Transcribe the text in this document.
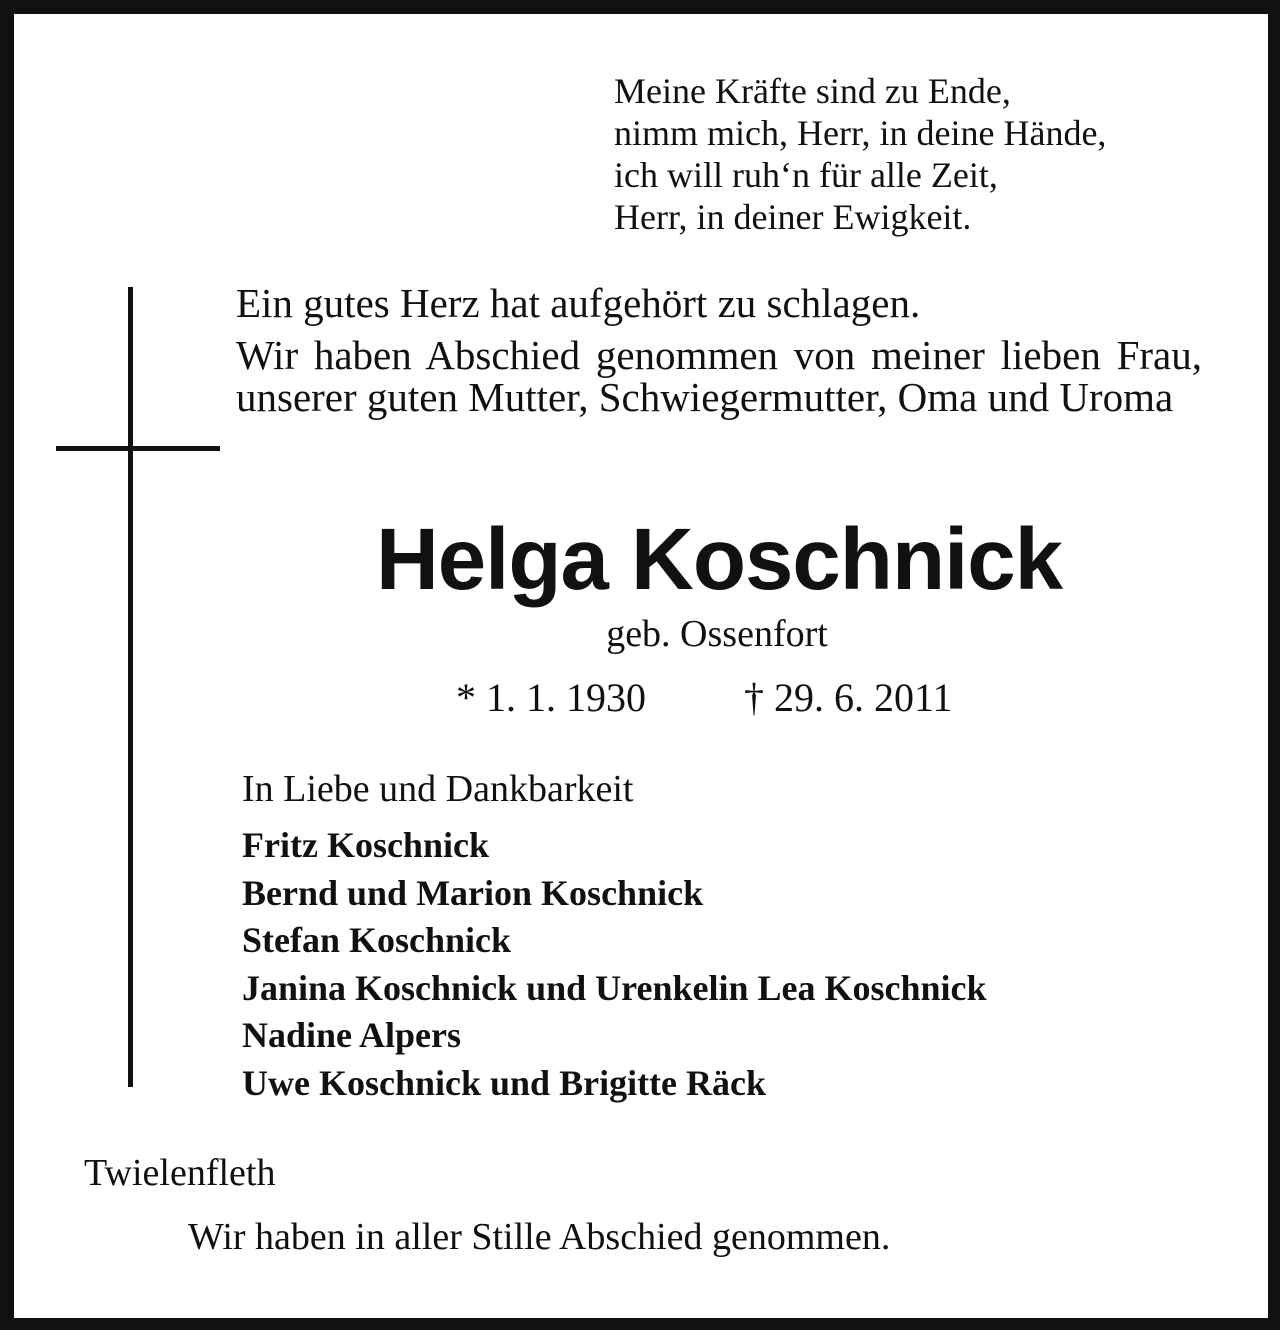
Meine Kräfte sind zu Ende,
nimm mich, Herr, in deine Hände,
ich will ruh‘n für alle Zeit,
Herr, in deiner Ewigkeit.
Ein gutes Herz hat aufgehört zu schlagen.
Wir haben Abschied genommen von meiner lieben Frau, unserer guten Mutter, Schwiegermutter, Oma und Uroma
Helga Koschnick
geb. Ossenfort
* 1. 1. 1930 † 29. 6. 2011
In Liebe und Dankbarkeit
Fritz Koschnick
Bernd und Marion Koschnick
Stefan Koschnick
Janina Koschnick und Urenkelin Lea Koschnick
Nadine Alpers
Uwe Koschnick und Brigitte Räck
Twielenfleth
Wir haben in aller Stille Abschied genommen.
